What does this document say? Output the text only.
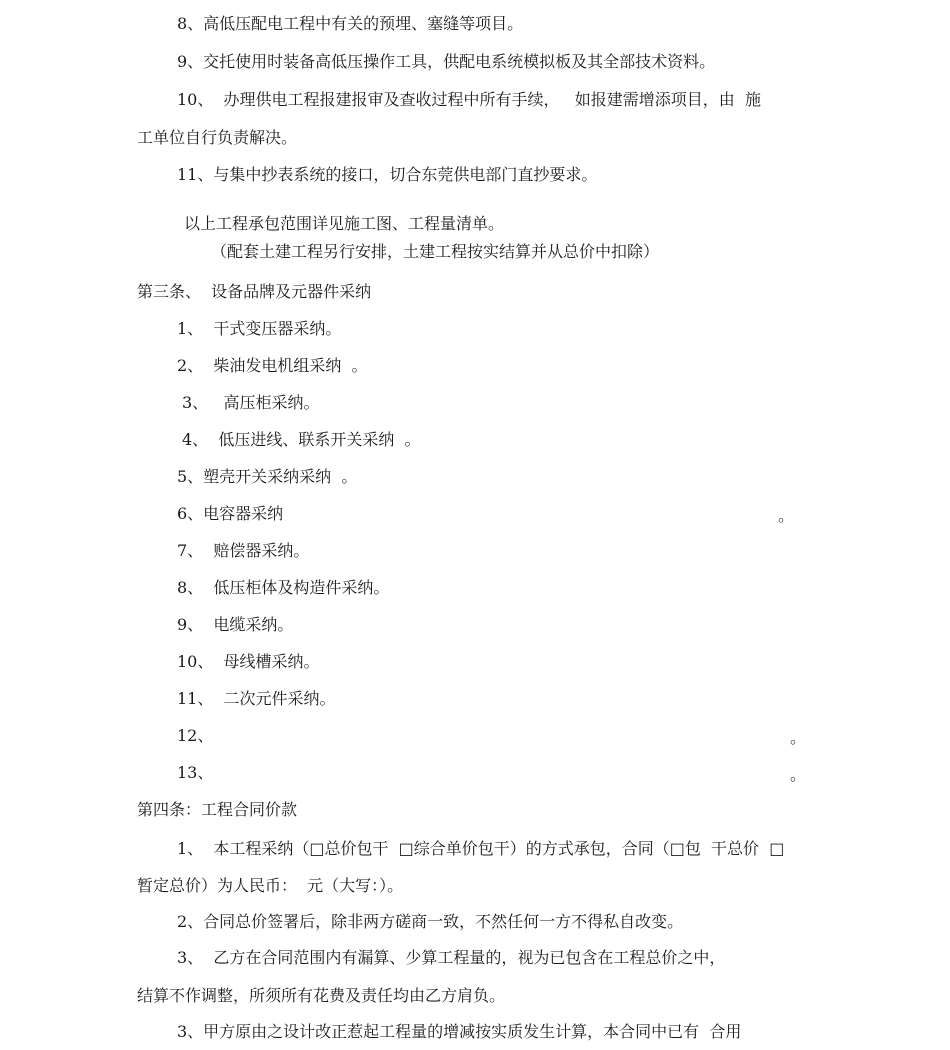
8、高低压配电工程中有关的预埋、塞缝等项目。
9、交托使用时装备高低压操作工具，供配电系统模拟板及其全部技术资料。
10、  办理供电工程报建报审及查收过程中所有手续，   如报建需增添项目，由  施
工单位自行负责解决。
11、与集中抄表系统的接口，切合东莞供电部门直抄要求。
以上工程承包范围详见施工图、工程量清单。
（配套土建工程另行安排，土建工程按实结算并从总价中扣除）
第三条、  设备品牌及元器件采纳
1、  干式变压器采纳。
2、  柴油发电机组采纳  。
3、   高压柜采纳。
4、  低压进线、联系开关采纳  。
5、塑壳开关采纳采纳  。
6、电容器采纳	。
7、  赔偿器采纳。
8、  低压柜体及构造件采纳。
9、  电缆采纳。
10、  母线槽采纳。
11、  二次元件采纳。
12、	。
13、	。
第四条：工程合同价款
1、  本工程采纳（□总价包干  □综合单价包干）的方式承包，合同（□包  干总价  □
暂定总价）为人民币：  元（大写：）。
2、合同总价签署后，除非两方磋商一致，不然任何一方不得私自改变。
3、  乙方在合同范围内有漏算、少算工程量的，视为已包含在工程总价之中，
结算不作调整，所须所有花费及责任均由乙方肩负。
3、甲方原由之设计改正惹起工程量的增减按实质发生计算，本合同中已有  合用
